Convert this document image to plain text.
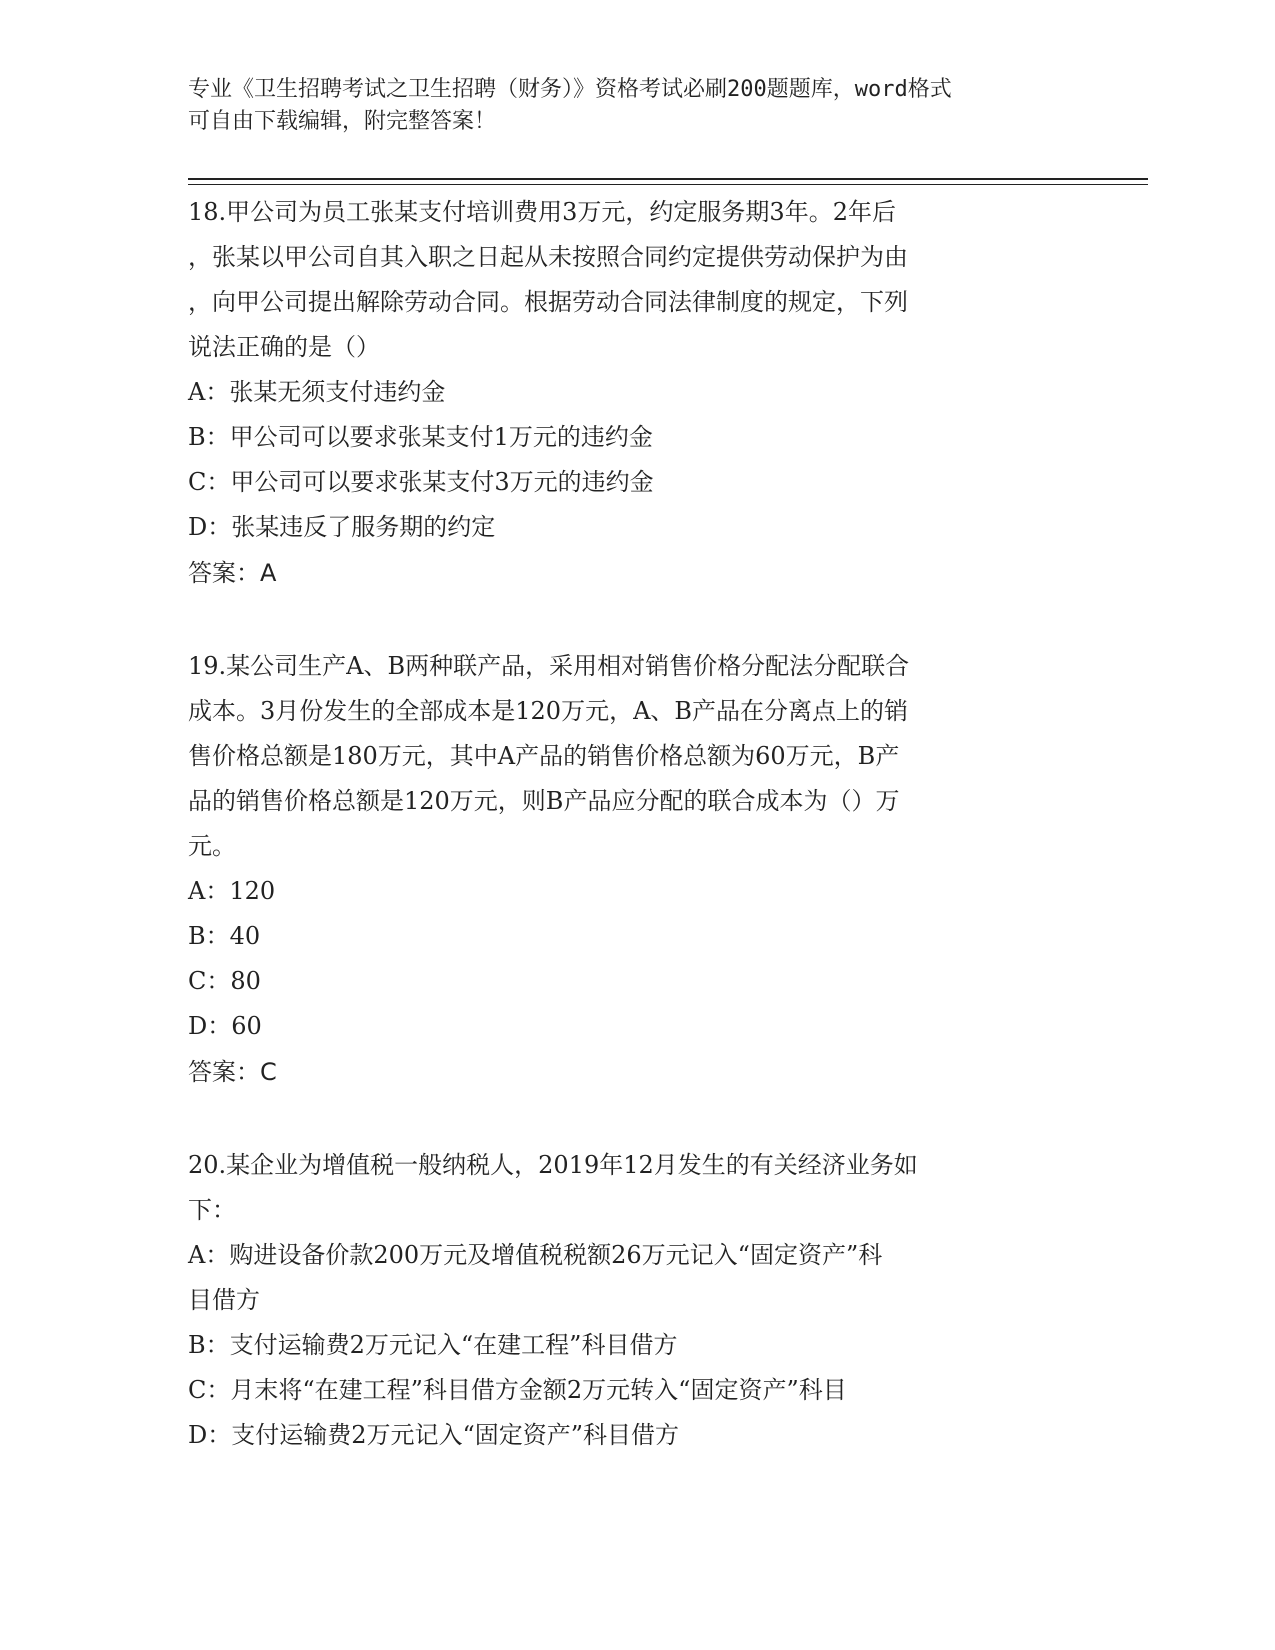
专业《卫生招聘考试之卫生招聘（财务）》资格考试必刷200题题库，word格式
可自由下载编辑，附完整答案！

18.甲公司为员工张某支付培训费用3万元，约定服务期3年。2年后

，张某以甲公司自其入职之日起从未按照合同约定提供劳动保护为由

，向甲公司提出解除劳动合同。根据劳动合同法律制度的规定，下列

说法正确的是（）

A：张某无须支付违约金

B：甲公司可以要求张某支付1万元的违约金

C：甲公司可以要求张某支付3万元的违约金

D：张某违反了服务期的约定

答案：A

19.某公司生产A、B两种联产品，采用相对销售价格分配法分配联合

成本。3月份发生的全部成本是120万元，A、B产品在分离点上的销

售价格总额是180万元，其中A产品的销售价格总额为60万元，B产

品的销售价格总额是120万元，则B产品应分配的联合成本为（）万

元。

A：120

B：40

C：80

D：60

答案：C

20.某企业为增值税一般纳税人，2019年12月发生的有关经济业务如

下：

A：购进设备价款200万元及增值税税额26万元记入“固定资产”科

目借方

B：支付运输费2万元记入“在建工程”科目借方

C：月末将“在建工程”科目借方金额2万元转入“固定资产”科目

D：支付运输费2万元记入“固定资产”科目借方
